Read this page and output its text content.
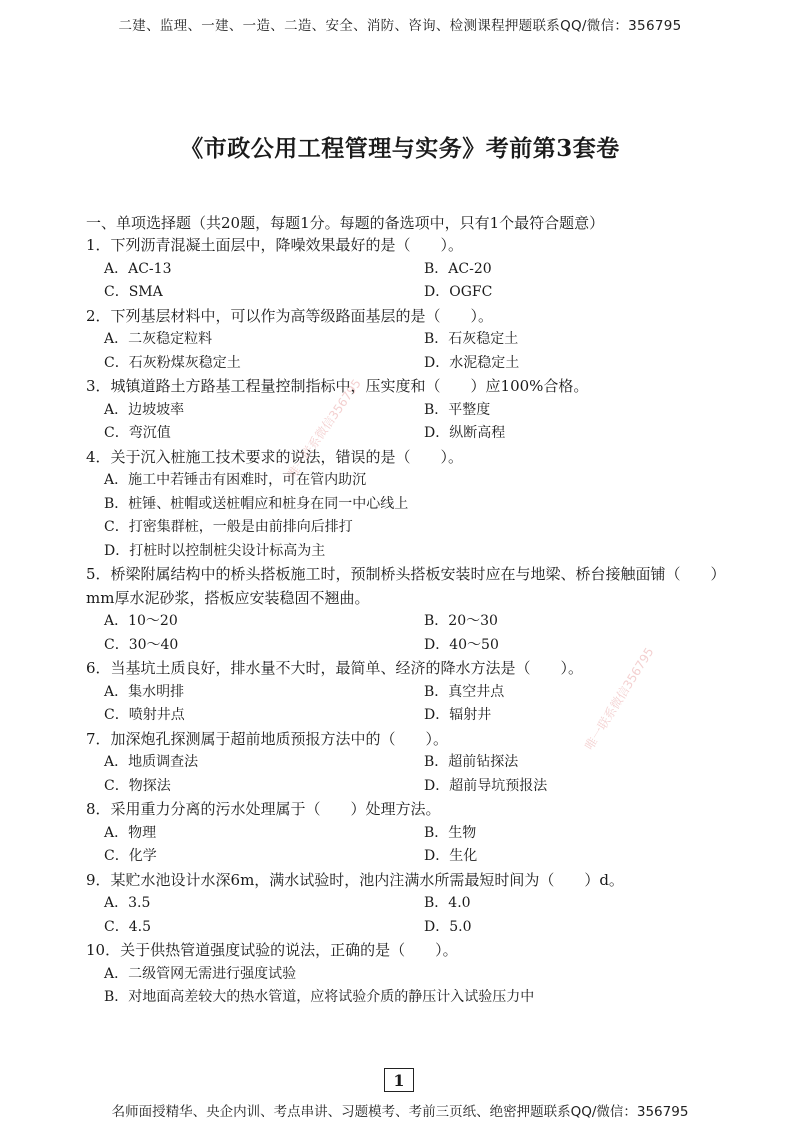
二建、监理、一建、一造、二造、安全、消防、咨询、检测课程押题联系QQ/微信：356795
《市政公用工程管理与实务》考前第3套卷
唯一联系微信356795
唯一联系微信356795
一、单项选择题（共20题，每题1分。每题的备选项中，只有1个最符合题意）
1．下列沥青混凝土面层中，降噪效果最好的是（　　）。
A．AC-13	B．AC-20
C．SMA	D．OGFC
2．下列基层材料中，可以作为高等级路面基层的是（　　）。
A．二灰稳定粒料	B．石灰稳定土
C．石灰粉煤灰稳定土	D．水泥稳定土
3．城镇道路土方路基工程量控制指标中，压实度和（　　）应100%合格。
A．边坡坡率	B．平整度
C．弯沉值	D．纵断高程
4．关于沉入桩施工技术要求的说法，错误的是（　　）。
A．施工中若锤击有困难时，可在管内助沉
B．桩锤、桩帽或送桩帽应和桩身在同一中心线上
C．打密集群桩，一般是由前排向后排打
D．打桩时以控制桩尖设计标高为主
5．桥梁附属结构中的桥头搭板施工时，预制桥头搭板安装时应在与地梁、桥台接触面铺（　　）mm厚水泥砂浆，搭板应安装稳固不翘曲。
A．10～20	B．20～30
C．30～40	D．40～50
6．当基坑土质良好，排水量不大时，最简单、经济的降水方法是（　　）。
A．集水明排	B．真空井点
C．喷射井点	D．辐射井
7．加深炮孔探测属于超前地质预报方法中的（　　）。
A．地质调查法	B．超前钻探法
C．物探法	D．超前导坑预报法
8．采用重力分离的污水处理属于（　　）处理方法。
A．物理	B．生物
C．化学	D．生化
9．某贮水池设计水深6m，满水试验时，池内注满水所需最短时间为（　　）d。
A．3.5	B．4.0
C．4.5	D．5.0
10．关于供热管道强度试验的说法，正确的是（　　）。
A．二级管网无需进行强度试验
B．对地面高差较大的热水管道，应将试验介质的静压计入试验压力中
1
名师面授精华、央企内训、考点串讲、习题模考、考前三页纸、绝密押题联系QQ/微信：356795
